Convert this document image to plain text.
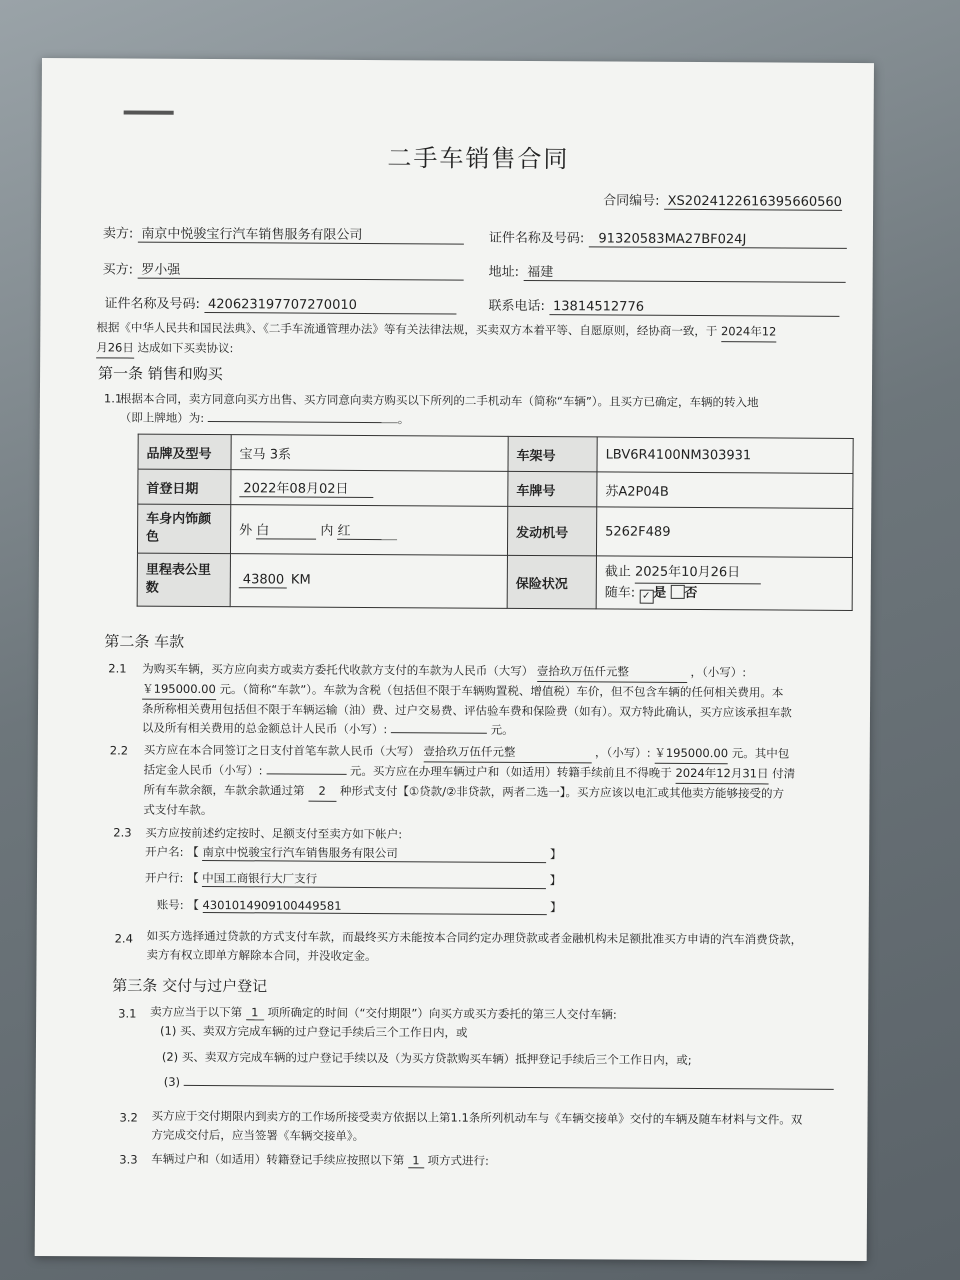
二手车销售合同
合同编号: XS20241226163956605​60
卖方: 南京中悦骏宝行汽车销售服务有限公司	证件名称及号码: 91320583MA27BF024J
买方: 罗小强	地址: 福建
证件名称及号码: 420623197707270010	联系电话: 13814512776
根据《中华人民共和国民法典》、《二手车流通管理办法》等有关法律法规，买卖双方本着平等、自愿原则，经协商一致，于 2024年12
月26日 达成如下买卖协议:
第一条 销售和购买
1.1
根据本合同，卖方同意向买方出售、买方同意向卖方购买以下所列的二手机动车（简称“车辆”）。且买方已确定，车辆的转入地
（即上牌地）为:	。
品牌及型号	宝马 3系	车架号	LBV6R4100NM303931
首登日期	2022年08月02日	车牌号	苏A2P04B
车身内饰颜
色	外 白 内 红	发动机号	5262F489
里程表公里
数	43800 KM	保险状况	截止 2025年10月26日
随车: ✓ 是 否
第二条 车款
2.1 为购买车辆，买方应向卖方或卖方委托代收款方支付的车款为人民币（大写） 壹拾玖万伍仟元整	，（小写）:
￥195000.00 元。（简称“车款”）。车款为含税（包括但不限于车辆购置税、增值税）车价，但不包含车辆的任何相关费用。本
条所称相关费用包括但不限于车辆运输（油）费、过户交易费、评估验车费和保险费（如有）。双方特此确认，买方应该承担车款
以及所有相关费用的总金额总计人民币（小写）:	元。
2.2 买方应在本合同签订之日支付首笔车款人民币（大写） 壹拾玖万伍仟元整	，（小写）: ￥195000.00 元。其中包
括定金人民币（小写）:	元。买方应在办理车辆过户和（如适用）转籍手续前且不得晚于 2024年12月31日 付清
所有车款余额，车款余款通过第 2 种形式支付【①贷款/②非贷款，两者二选一】。买方应该以电汇或其他卖方能够接受的方
式支付车款。
2.3 买方应按前述约定按时、足额支付至卖方如下帐户:
开户名: 【 南京中悦骏宝行汽车销售服务有限公司	】
开户行: 【 中国工商银行大厂支行	】
账号: 【 4301014909100449581	】
2.4 如买方选择通过贷款的方式支付车款，而最终买方未能按本合同约定办理贷款或者金融机构未足额批准买方申请的汽车消费贷款，
卖方有权立即单方解除本合同，并没收定金。
第三条 交付与过户登记
3.1 卖方应当于以下第 1 项所确定的时间（“交付期限”）向买方或买方委托的第三人交付车辆:
(1) 买、卖双方完成车辆的过户登记手续后三个工作日内，或
(2) 买、卖双方完成车辆的过户登记手续以及（为买方贷款购买车辆）抵押登记手续后三个工作日内，或;
(3)
3.2 买方应于交付期限内到卖方的工作场所接受卖方依据以上第1.1条所列机动车与《车辆交接单》交付的车辆及随车材料与文件。双
方完成交付后，应当签署《车辆交接单》。
3.3 车辆过户和（如适用）转籍登记手续应按照以下第 1 项方式进行:
